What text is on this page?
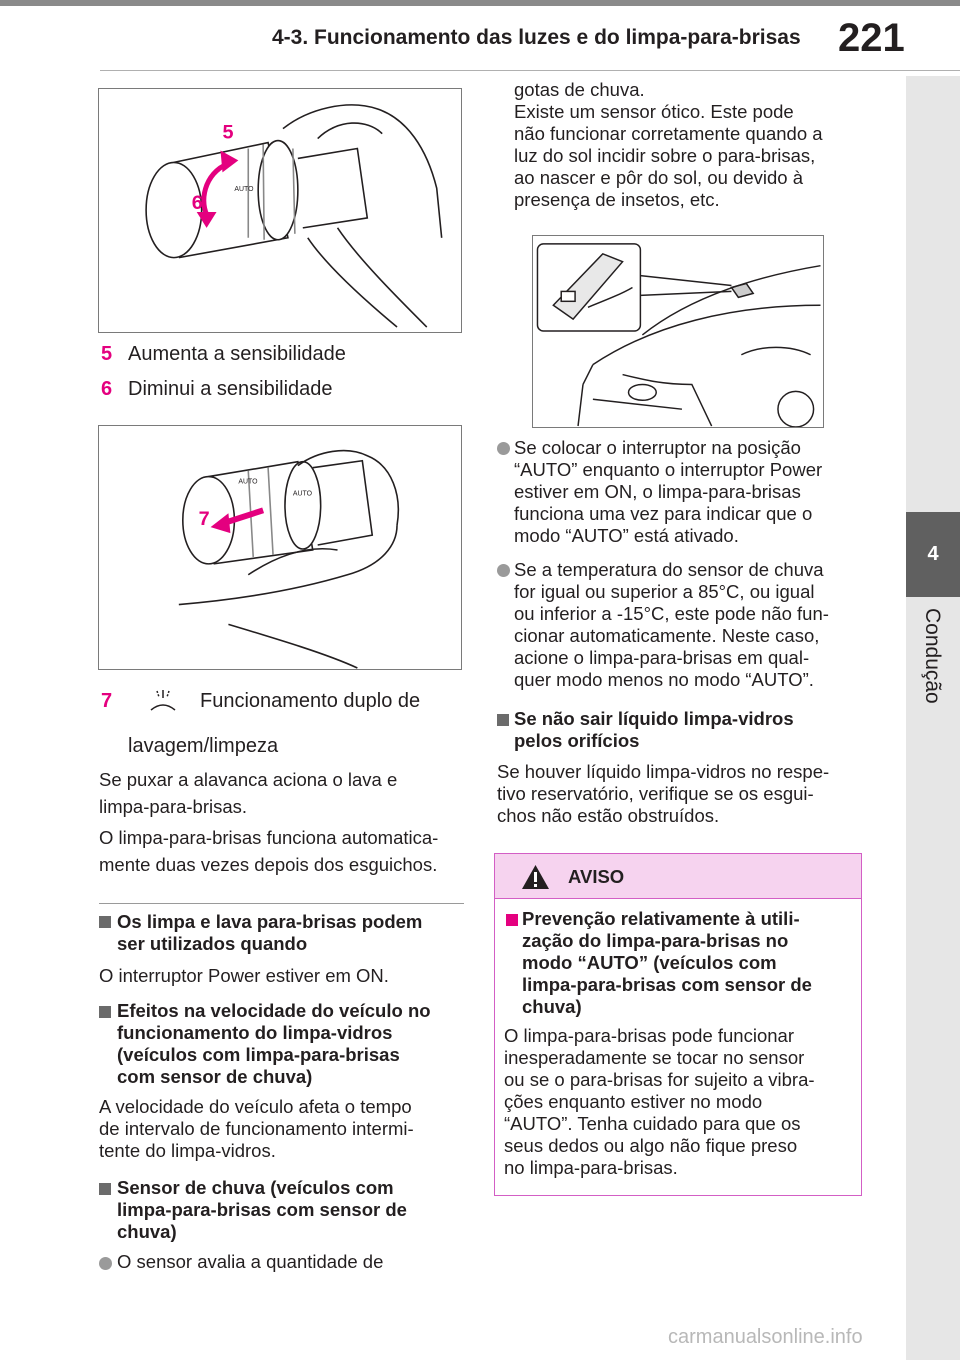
4-3. Funcionamento das luzes e do limpa-para-brisas 221
4
Condução
AUTO
5
6
5 Aumenta a sensibilidade
6 Diminui a sensibilidade
AUTO
AUTO
7
7	Funcionamento duplo de
lavagem/limpeza
Se puxar a alavanca aciona o lava e
limpa-para-brisas.
O limpa-para-brisas funciona automatica-
mente duas vezes depois dos esguichos.
Os limpa e lava para-brisas podem
ser utilizados quando
O interruptor Power estiver em ON.
Efeitos na velocidade do veículo no
funcionamento do limpa-vidros
(veículos com limpa-para-brisas
com sensor de chuva)
A velocidade do veículo afeta o tempo
de intervalo de funcionamento intermi-
tente do limpa-vidros.
Sensor de chuva (veículos com
limpa-para-brisas com sensor de
chuva)
O sensor avalia a quantidade de
gotas de chuva.
Existe um sensor ótico. Este pode
não funcionar corretamente quando a
luz do sol incidir sobre o para-brisas,
ao nascer e pôr do sol, ou devido à
presença de insetos, etc.
Se colocar o interruptor na posição
“AUTO” enquanto o interruptor Power
estiver em ON, o limpa-para-brisas
funciona uma vez para indicar que o
modo “AUTO” está ativado.
Se a temperatura do sensor de chuva
for igual ou superior a 85°C, ou igual
ou inferior a -15°C, este pode não fun-
cionar automaticamente. Neste caso,
acione o limpa-para-brisas em qual-
quer modo menos no modo “AUTO”.
Se não sair líquido limpa-vidros
pelos orifícios
Se houver líquido limpa-vidros no respe-
tivo reservatório, verifique se os esgui-
chos não estão obstruídos.
AVISO
Prevenção relativamente à utili-
zação do limpa-para-brisas no
modo “AUTO” (veículos com
limpa-para-brisas com sensor de
chuva)
O limpa-para-brisas pode funcionar
inesperadamente se tocar no sensor
ou se o para-brisas for sujeito a vibra-
ções enquanto estiver no modo
“AUTO”. Tenha cuidado para que os
seus dedos ou algo não fique preso
no limpa-para-brisas.
carmanualsonline.info
